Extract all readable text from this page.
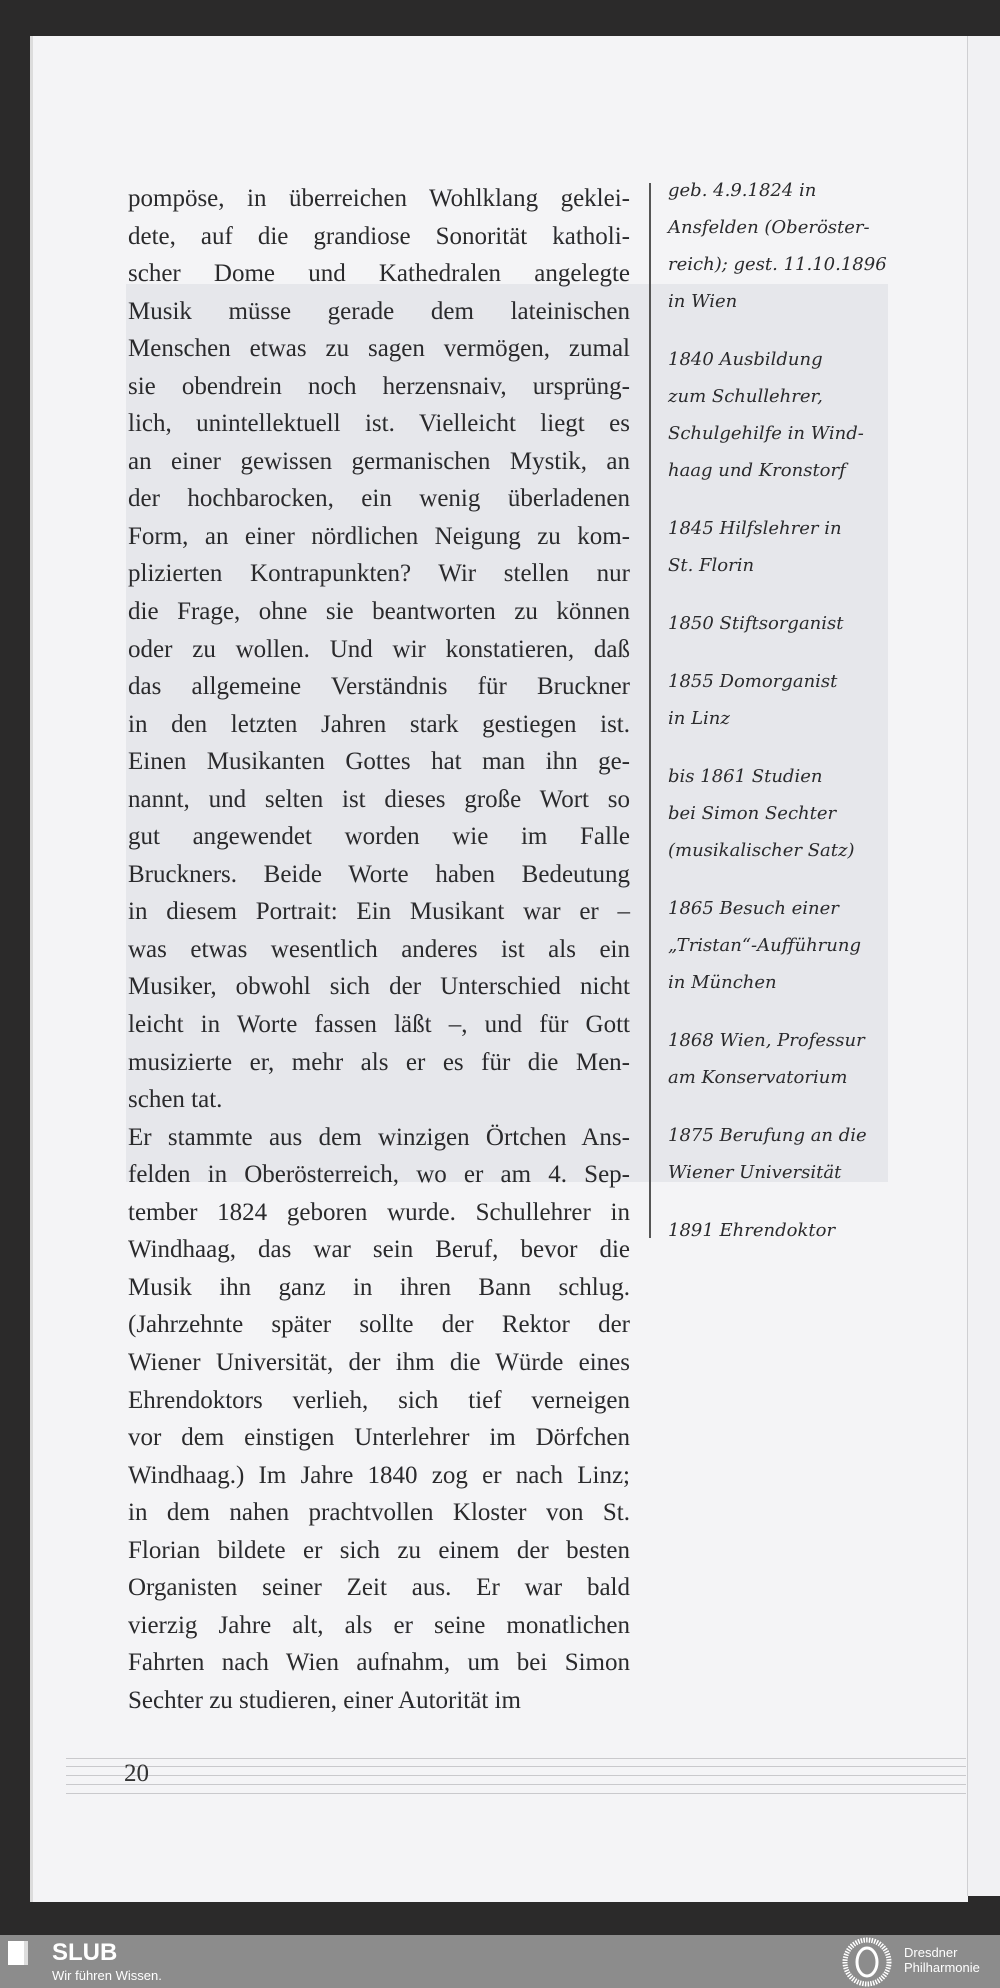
pompöse, in überreichen Wohlklang geklei-
dete, auf die grandiose Sonorität katholi-
scher Dome und Kathedralen angelegte
Musik müsse gerade dem lateinischen
Menschen etwas zu sagen vermögen, zumal
sie obendrein noch herzensnaiv, ursprüng-
lich, unintellektuell ist. Vielleicht liegt es
an einer gewissen germanischen Mystik, an
der hochbarocken, ein wenig überladenen
Form, an einer nördlichen Neigung zu kom-
plizierten Kontrapunkten? Wir stellen nur
die Frage, ohne sie beantworten zu können
oder zu wollen. Und wir konstatieren, daß
das allgemeine Verständnis für Bruckner
in den letzten Jahren stark gestiegen ist.
Einen Musikanten Gottes hat man ihn ge-
nannt, und selten ist dieses große Wort so
gut angewendet worden wie im Falle
Bruckners. Beide Worte haben Bedeutung
in diesem Portrait: Ein Musikant war er –
was etwas wesentlich anderes ist als ein
Musiker, obwohl sich der Unterschied nicht
leicht in Worte fassen läßt –, und für Gott
musizierte er, mehr als er es für die Men-
schen tat.
Er stammte aus dem winzigen Örtchen Ans-
felden in Oberösterreich, wo er am 4. Sep-
tember 1824 geboren wurde. Schullehrer in
Windhaag, das war sein Beruf, bevor die
Musik ihn ganz in ihren Bann schlug.
(Jahrzehnte später sollte der Rektor der
Wiener Universität, der ihm die Würde eines
Ehrendoktors verlieh, sich tief verneigen
vor dem einstigen Unterlehrer im Dörfchen
Windhaag.) Im Jahre 1840 zog er nach Linz;
in dem nahen prachtvollen Kloster von St.
Florian bildete er sich zu einem der besten
Organisten seiner Zeit aus. Er war bald
vierzig Jahre alt, als er seine monatlichen
Fahrten nach Wien aufnahm, um bei Simon
Sechter zu studieren, einer Autorität im
geb. 4.9.1824 in
Ansfelden (Oberöster-
reich); gest. 11.10.1896
in Wien
1840 Ausbildung
zum Schullehrer,
Schulgehilfe in Wind-
haag und Kronstorf
1845 Hilfslehrer in
St. Florin
1850 Stiftsorganist
1855 Domorganist
in Linz
bis 1861 Studien
bei Simon Sechter
(musikalischer Satz)
1865 Besuch einer
„Tristan“-Aufführung
in München
1868 Wien, Professur
am Konservatorium
1875 Berufung an die
Wiener Universität
1891 Ehrendoktor
20
SLUB
Wir führen Wissen.
Dresdner
Philharmonie
